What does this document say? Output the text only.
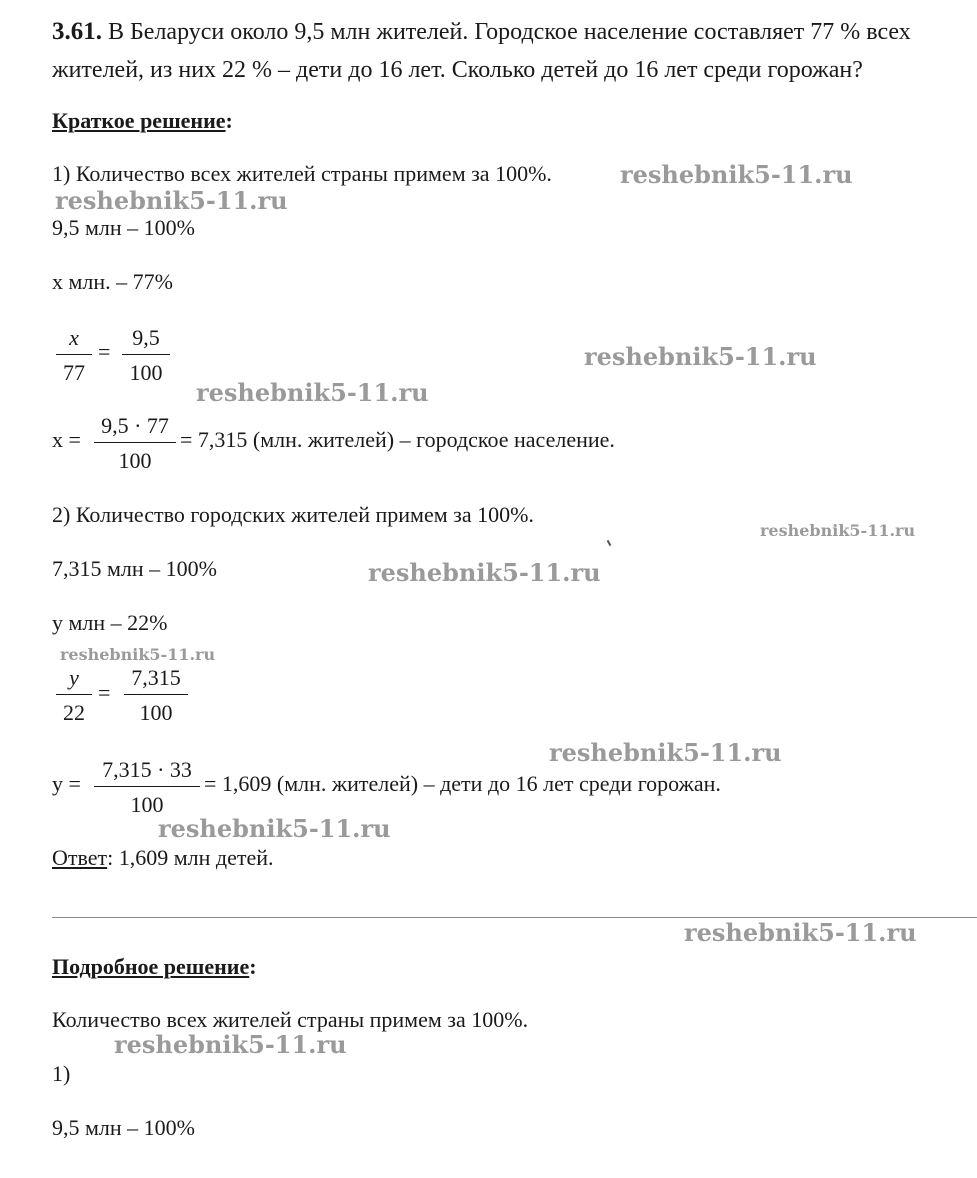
3.61. В Беларуси около 9,5 млн жителей. Городское население составляет 77 % всех
жителей, из них 22 % – дети до 16 лет. Сколько детей до 16 лет среди горожан?
Краткое решение:
1) Количество всех жителей страны примем за 100%.
9,5 млн – 100%
x млн. – 77%
$\frac{x}{77} = \frac{9,5}{100}$
$x = \frac{9,5 \cdot 77}{100} = 7,315$ (млн. жителей) – городское население.
2) Количество городских жителей примем за 100%.
7,315 млн – 100%
y млн – 22%
$\frac{y}{22} = \frac{7,315}{100}$
$y = \frac{7,315 \cdot 33}{100} = 1,609$ (млн. жителей) – дети до 16 лет среди горожан.
Ответ: 1,609 млн детей.
Подробное решение:
Количество всех жителей страны примем за 100%.
1)
9,5 млн – 100%
reshebnik5-11.ru
reshebnik5-11.ru
reshebnik5-11.ru
reshebnik5-11.ru
reshebnik5-11.ru
reshebnik5-11.ru
reshebnik5-11.ru
reshebnik5-11.ru
reshebnik5-11.ru
reshebnik5-11.ru
reshebnik5-11.ru
